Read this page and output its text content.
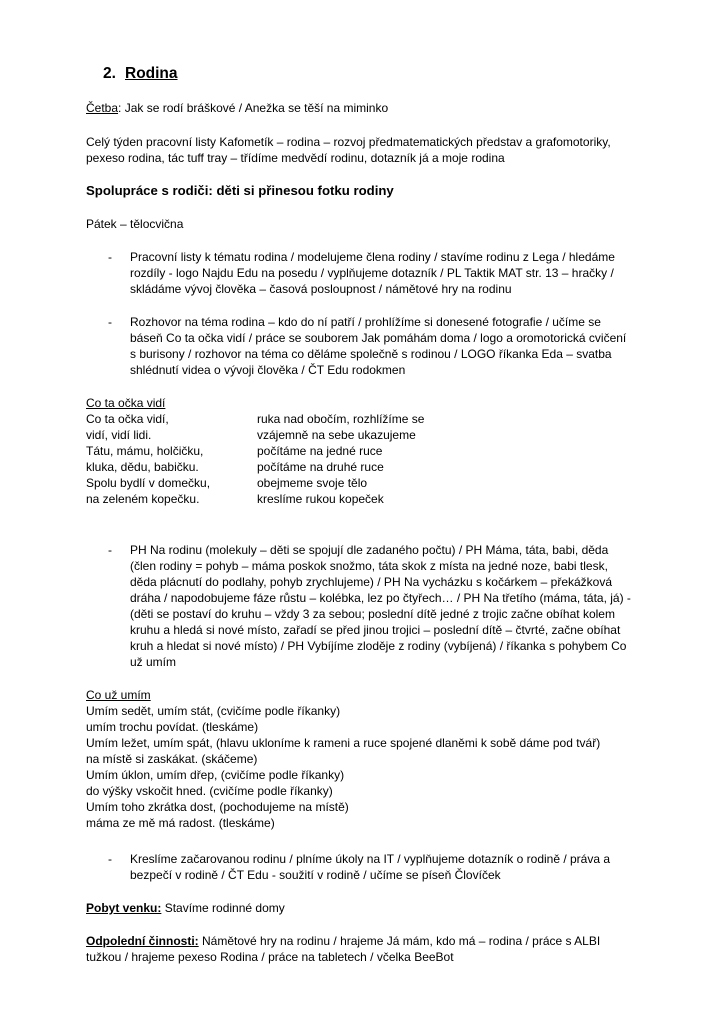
2. Rodina
Četba: Jak se rodí bráškové / Anežka se těší na miminko
Celý týden pracovní listy Kafometík – rodina – rozvoj předmatematických představ a grafomotoriky,
pexeso rodina, tác tuff tray – třídíme medvědí rodinu, dotazník já a moje rodina
Spolupráce s rodiči: děti si přinesou fotku rodiny
Pátek – tělocvična
- Pracovní listy k tématu rodina / modelujeme člena rodiny / stavíme rodinu z Lega / hledáme
rozdíly - logo Najdu Edu na posedu / vyplňujeme dotazník / PL Taktik MAT str. 13 – hračky /
skládáme vývoj člověka – časová posloupnost / námětové hry na rodinu
- Rozhovor na téma rodina – kdo do ní patří / prohlížíme si donesené fotografie / učíme se
báseň Co ta očka vidí / práce se souborem Jak pomáhám doma / logo a oromotorická cvičení
s burisony / rozhovor na téma co děláme společně s rodinou / LOGO říkanka Eda – svatba
shlédnutí videa o vývoji člověka / ČT Edu rodokmen
Co ta očka vidí
Co ta očka vidí,	ruka nad obočím, rozhlížíme se
vidí, vidí lidi.	vzájemně na sebe ukazujeme
Tátu, mámu, holčičku,	počítáme na jedné ruce
kluka, dědu, babičku.	počítáme na druhé ruce
Spolu bydlí v domečku,	obejmeme svoje tělo
na zeleném kopečku.	kreslíme rukou kopeček
- PH Na rodinu (molekuly – děti se spojují dle zadaného počtu) / PH Máma, táta, babi, děda
(člen rodiny = pohyb – máma poskok snožmo, táta skok z místa na jedné noze, babi tlesk,
děda plácnutí do podlahy, pohyb zrychlujeme) / PH Na vycházku s kočárkem – překážková
dráha / napodobujeme fáze růstu – kolébka, lez po čtyřech… / PH Na třetího (máma, táta, já) -
(děti se postaví do kruhu – vždy 3 za sebou; poslední dítě jedné z trojic začne obíhat kolem
kruhu a hledá si nové místo, zařadí se před jinou trojici – poslední dítě – čtvrté, začne obíhat
kruh a hledat si nové místo) / PH Vybíjíme zloděje z rodiny (vybíjená) / říkanka s pohybem Co
už umím
Co už umím
Umím sedět, umím stát, (cvičíme podle říkanky)
umím trochu povídat. (tleskáme)
Umím ležet, umím spát, (hlavu ukloníme k rameni a ruce spojené dlaněmi k sobě dáme pod tvář)
na místě si zaskákat. (skáčeme)
Umím úklon, umím dřep, (cvičíme podle říkanky)
do výšky vskočit hned. (cvičíme podle říkanky)
Umím toho zkrátka dost, (pochodujeme na místě)
máma ze mě má radost. (tleskáme)
- Kreslíme začarovanou rodinu / plníme úkoly na IT / vyplňujeme dotazník o rodině / práva a
bezpečí v rodině / ČT Edu - soužití v rodině / učíme se píseň Človíček
Pobyt venku: Stavíme rodinné domy
Odpolední činnosti: Námětové hry na rodinu / hrajeme Já mám, kdo má – rodina / práce s ALBI
tužkou / hrajeme pexeso Rodina / práce na tabletech / včelka BeeBot
